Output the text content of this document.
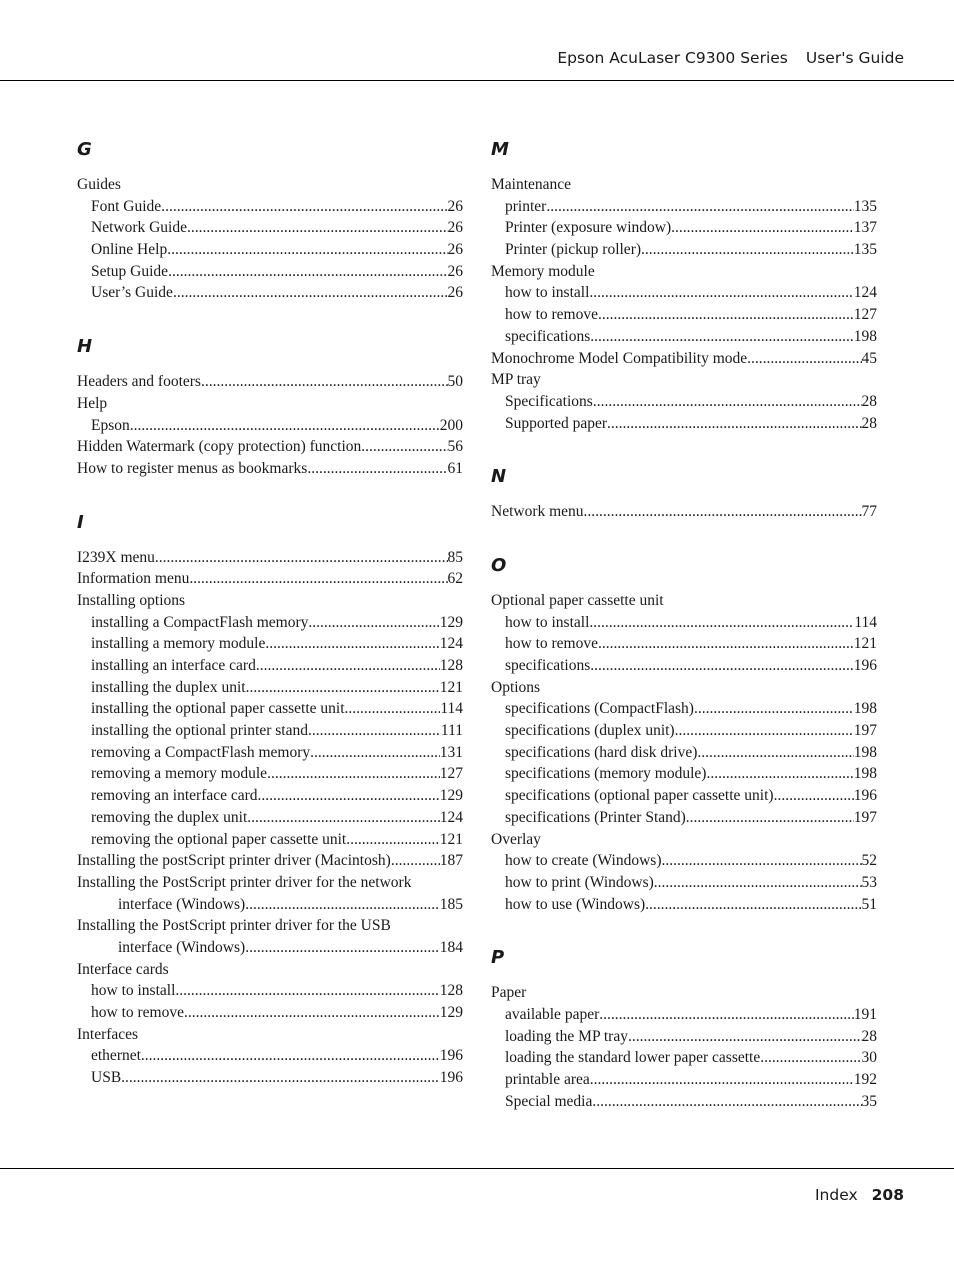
Epson AcuLaser C9300 Series User's Guide
G
Guides
Font Guide .....	26
Network Guide .....	26
Online Help .....	26
Setup Guide .....	26
User’s Guide .....	26
H
Headers and footers .....	50
Help
Epson .....	200
Hidden Watermark (copy protection) function .....	56
How to register menus as bookmarks .....	61
I
I239X menu .....	85
Information menu .....	62
Installing options
installing a CompactFlash memory .....	129
installing a memory module .....	124
installing an interface card .....	128
installing the duplex unit .....	121
installing the optional paper cassette unit .....	114
installing the optional printer stand .....	111
removing a CompactFlash memory .....	131
removing a memory module .....	127
removing an interface card .....	129
removing the duplex unit .....	124
removing the optional paper cassette unit .....	121
Installing the postScript printer driver (Macintosh) .....	187
Installing the PostScript printer driver for the network
interface (Windows) .....	185
Installing the PostScript printer driver for the USB
interface (Windows) .....	184
Interface cards
how to install .....	128
how to remove .....	129
Interfaces
ethernet .....	196
USB .....	196
M
Maintenance
printer .....	135
Printer (exposure window) .....	137
Printer (pickup roller) .....	135
Memory module
how to install .....	124
how to remove .....	127
specifications .....	198
Monochrome Model Compatibility mode .....	45
MP tray
Specifications .....	28
Supported paper .....	28
N
Network menu .....	77
O
Optional paper cassette unit
how to install .....	114
how to remove .....	121
specifications .....	196
Options
specifications (CompactFlash) .....	198
specifications (duplex unit) .....	197
specifications (hard disk drive) .....	198
specifications (memory module) .....	198
specifications (optional paper cassette unit) .....	196
specifications (Printer Stand) .....	197
Overlay
how to create (Windows) .....	52
how to print (Windows) .....	53
how to use (Windows) .....	51
P
Paper
available paper .....	191
loading the MP tray .....	28
loading the standard lower paper cassette .....	30
printable area .....	192
Special media .....	35
Index 208
